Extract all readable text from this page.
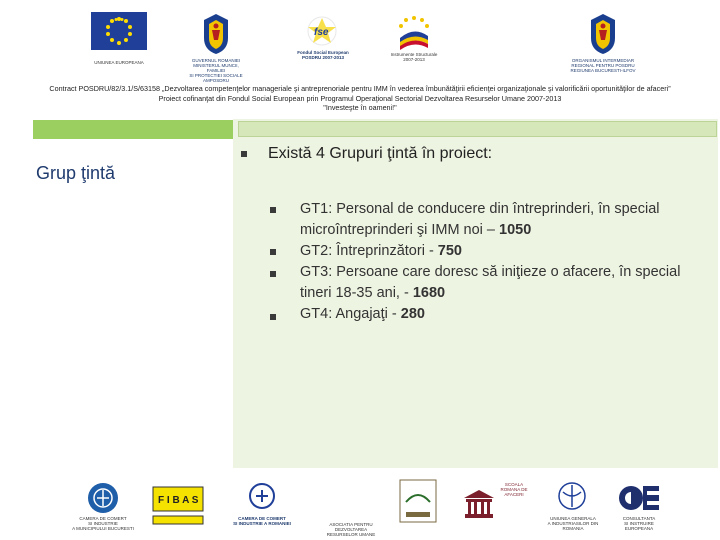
UNIUNEA EUROPEANA	GUVERNUL ROMANIEI
MINISTERUL MUNCII, FAMILIEI
SI PROTECTIEI SOCIALE
AMPOSDRU
fse
Fondul Social European
POSDRU 2007-2013
Instrumente Structurale
2007-2013	ORGANISMUL INTERMEDIAR
REGIONAL PENTRU POSDRU
REGIUNEA BUCURESTI-ILFOV
Contract POSDRU/82/3.1/S/63158 „Dezvoltarea competenţelor manageriale şi antreprenoriale pentru IMM în vederea îmbunătăţirii eficienţei organizaţionale şi valorificării oportunităţilor de afaceri”
Proiect cofinanţat din Fondul Social European prin Programul Operaţional Sectorial Dezvoltarea Resurselor Umane 2007-2013
"Investeşte în oameni!"
Grup ţintă
Există 4 Grupuri ţintă în proiect:
GT1: Personal de conducere din întreprinderi, în special microîntreprinderi şi IMM noi – 1050
GT2: Întreprinzători - 750
GT3: Persoane care doresc să iniţieze o afacere, în special tineri 18-35 ani, - 1680
GT4: Angajaţi - 280
CAMERA DE COMERT
SI INDUSTRIE
A MUNICIPIULUI BUCURESTI
F I B A S
CAMERA DE COMERT
SI INDUSTRIE A ROMANIEI	ASOCIATIA PENTRU
DEZVOLTAREA
RESURSELOR UMANE
SCOALA
ROMANA DE
AFACERI
UNIUNEA GENERALA
A INDUSTRIASILOR DIN
ROMANIA
CONSULTANTA
SI INSTRUIRE
EUROPEANA
